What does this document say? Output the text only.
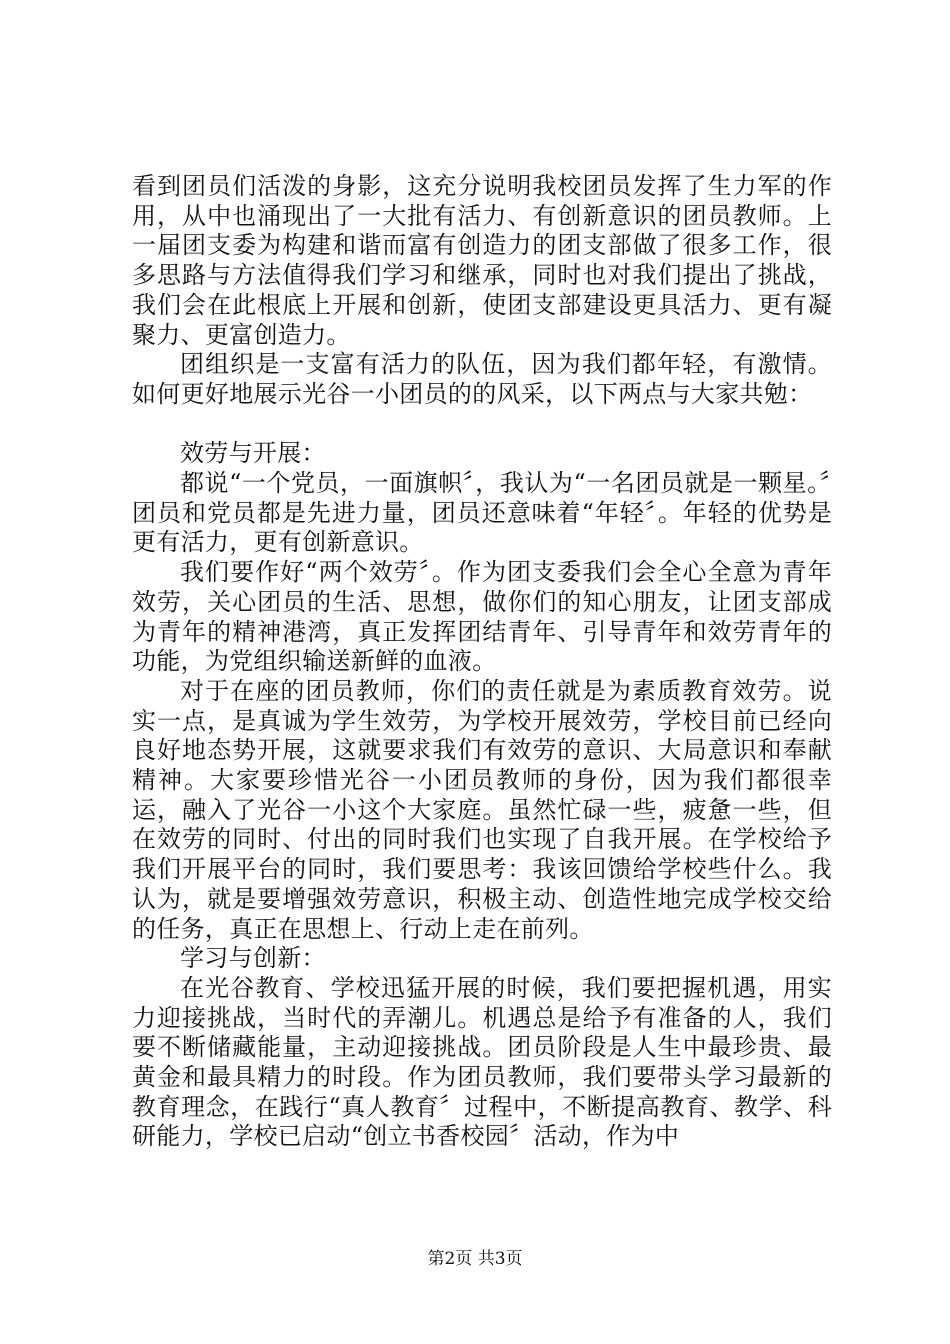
看到团员们活泼的身影，这充分说明我校团员发挥了生力军的作用，从中也涌现出了一大批有活力、有创新意识的团员教师。上一届团支委为构建和谐而富有创造力的团支部做了很多工作，很多思路与方法值得我们学习和继承，同时也对我们提出了挑战，我们会在此根底上开展和创新，使团支部建设更具活力、更有凝聚力、更富创造力。

团组织是一支富有活力的队伍，因为我们都年轻，有激情。如何更好地展示光谷一小团员的的风采，以下两点与大家共勉：

效劳与开展：

都说“一个党员，一面旗帜〞，我认为“一名团员就是一颗星。〞团员和党员都是先进力量，团员还意味着“年轻〞。年轻的优势是更有活力，更有创新意识。

我们要作好“两个效劳〞。作为团支委我们会全心全意为青年效劳，关心团员的生活、思想，做你们的知心朋友，让团支部成为青年的精神港湾，真正发挥团结青年、引导青年和效劳青年的功能，为党组织输送新鲜的血液。

对于在座的团员教师，你们的责任就是为素质教育效劳。说实一点，是真诚为学生效劳，为学校开展效劳，学校目前已经向良好地态势开展，这就要求我们有效劳的意识、大局意识和奉献精神。大家要珍惜光谷一小团员教师的身份，因为我们都很幸运，融入了光谷一小这个大家庭。虽然忙碌一些，疲惫一些，但在效劳的同时、付出的同时我们也实现了自我开展。在学校给予我们开展平台的同时，我们要思考：我该回馈给学校些什么。我认为，就是要增强效劳意识，积极主动、创造性地完成学校交给的任务，真正在思想上、行动上走在前列。

学习与创新：

在光谷教育、学校迅猛开展的时候，我们要把握机遇，用实力迎接挑战，当时代的弄潮儿。机遇总是给予有准备的人，我们要不断储藏能量，主动迎接挑战。团员阶段是人生中最珍贵、最黄金和最具精力的时段。作为团员教师，我们要带头学习最新的教育理念，在践行“真人教育〞过程中，不断提高教育、教学、科研能力，学校已启动“创立书香校园〞活动，作为中

第2页 共3页
